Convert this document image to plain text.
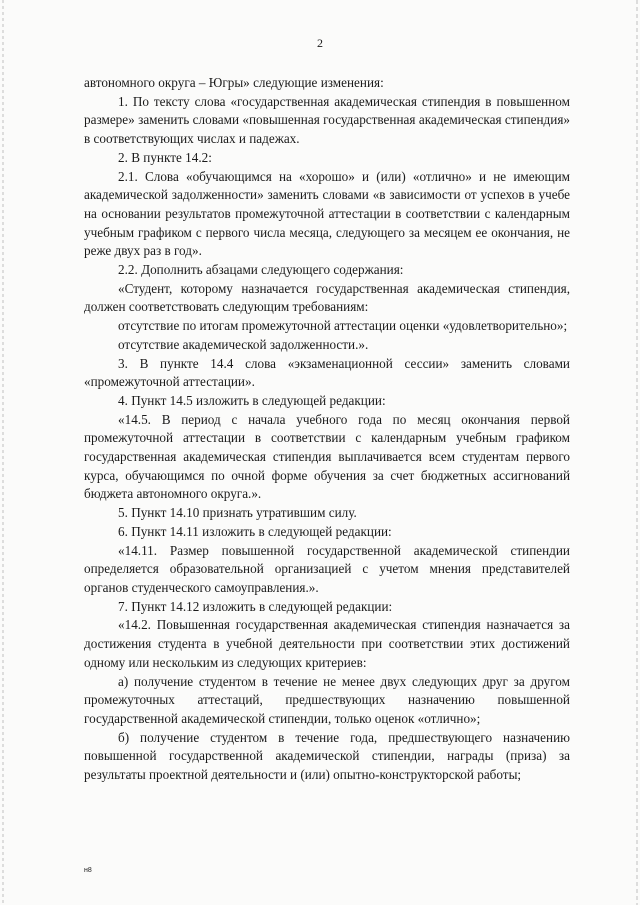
2

автономного округа – Югры» следующие изменения:

1. По тексту слова «государственная академическая стипендия в повышенном размере» заменить словами «повышенная государственная академическая стипендия» в соответствующих числах и падежах.

2. В пункте 14.2:

2.1. Слова «обучающимся на «хорошо» и (или) «отлично» и не имеющим академической задолженности» заменить словами «в зависимости от успехов в учебе на основании результатов промежуточной аттестации в соответствии с календарным учебным графиком с первого числа месяца, следующего за месяцем ее окончания, не реже двух раз в год».

2.2. Дополнить абзацами следующего содержания:

«Студент, которому назначается государственная академическая стипендия, должен соответствовать следующим требованиям:

отсутствие по итогам промежуточной аттестации оценки «удовлетворительно»;

отсутствие академической задолженности.».

3. В пункте 14.4 слова «экзаменационной сессии» заменить словами «промежуточной аттестации».

4. Пункт 14.5 изложить в следующей редакции:

«14.5. В период с начала учебного года по месяц окончания первой промежуточной аттестации в соответствии с календарным учебным графиком государственная академическая стипендия выплачивается всем студентам первого курса, обучающимся по очной форме обучения за счет бюджетных ассигнований бюджета автономного округа.».

5. Пункт 14.10 признать утратившим силу.

6. Пункт 14.11 изложить в следующей редакции:

«14.11. Размер повышенной государственной академической стипендии определяется образовательной организацией с учетом мнения представителей органов студенческого самоуправления.».

7. Пункт 14.12 изложить в следующей редакции:

«14.2. Повышенная государственная академическая стипендия назначается за достижения студента в учебной деятельности при соответствии этих достижений одному или нескольким из следующих критериев:

а) получение студентом в течение не менее двух следующих друг за другом промежуточных аттестаций, предшествующих назначению повышенной государственной академической стипендии, только оценок «отлично»;

б) получение студентом в течение года, предшествующего назначению повышенной государственной академической стипендии, награды (приза) за результаты проектной деятельности и (или) опытно-конструкторской работы;

н8
